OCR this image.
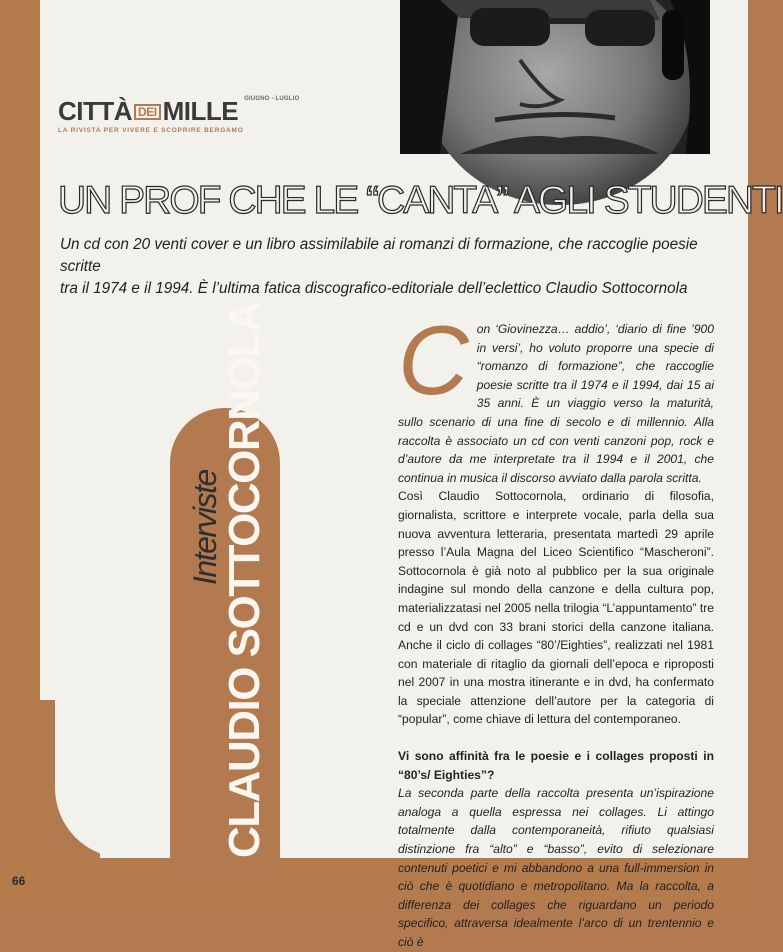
CITTÀ DEI MILLE GIUGNO - LUGLIO
LA RIVISTA PER VIVERE E SCOPRIRE BERGAMO
UN PROF CHE LE “CANTA” AGLI STUDENTI
Un cd con 20 venti cover e un libro assimilabile ai romanzi di formazione, che raccoglie poesie scritte
tra il 1974 e il 1994. È l’ultima fatica discografico-editoriale dell’eclettico Claudio Sottocornola
Interviste
CLAUDIO SOTTOCORNOLA C on ‘Giovinezza… addio’, ‘diario di fine ’900 in versi’, ho voluto proporre una specie di “romanzo di formazione”, che raccoglie poesie scritte tra il 1974 e il 1994, dai 15 ai 35 anni. È un viaggio verso la maturità, sullo scenario di una fine di secolo e di millennio. Alla raccolta è associato un cd con venti canzoni pop, rock e d’autore da me interpretate tra il 1994 e il 2001, che continua in musica il discorso avviato dalla parola scritta.

Così Claudio Sottocornola, ordinario di filosofia, giornalista, scrittore e interprete vocale, parla della sua nuova avventura letteraria, presentata martedì 29 aprile presso l’Aula Magna del Liceo Scientifico “Mascheroni”. Sottocornola è già noto al pubblico per la sua originale indagine sul mondo della canzone e della cultura pop, materializzatasi nel 2005 nella trilogia “L’appuntamento” tre cd e un dvd con 33 brani storici della canzone italiana. Anche il ciclo di collages “80’/Eighties”, realizzati nel 1981 con materiale di ritaglio da giornali dell’epoca e riproposti nel 2007 in una mostra itinerante e in dvd, ha confermato la speciale attenzione dell’autore per la categoria di “popular”, come chiave di lettura del contemporaneo.

Vi sono affinità fra le poesie e i collages proposti in “80’s/ Eighties”?

La seconda parte della raccolta presenta un’ispirazione analoga a quella espressa nei collages. Li attingo totalmente dalla contemporaneità, rifiuto qualsiasi distinzione fra “alto” e “basso”, evito di selezionare contenuti poetici e mi abbandono a una full-immersion in ciò che è quotidiano e metropolitano. Ma la raccolta, a differenza dei collages che riguardano un periodo specifico, attraversa idealmente l’arco di un trentennio e ciò è

66
